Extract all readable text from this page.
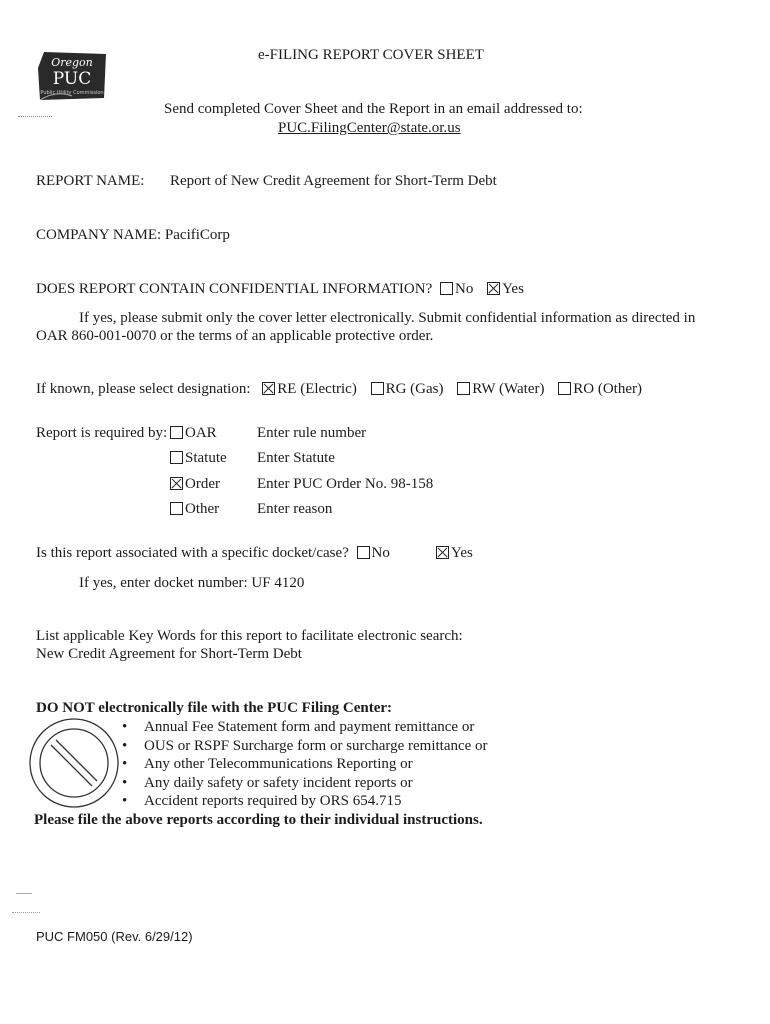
Oregon
PUC
Public Utility Commission
e-FILING REPORT COVER SHEET
Send completed Cover Sheet and the Report in an email addressed to:
PUC.FilingCenter@state.or.us
REPORT NAME: Report of New Credit Agreement for Short-Term Debt
COMPANY NAME: PacifiCorp
DOES REPORT CONTAIN CONFIDENTIAL INFORMATION? No Yes
If yes, please submit only the cover letter electronically. Submit confidential information as directed in
OAR 860-001-0070 or the terms of an applicable protective order.
If known, please select designation: RE (Electric) RG (Gas) RW (Water) RO (Other)
Report is required by:	OAR	Enter rule number
Statute Enter Statute
Order Enter PUC Order No. 98-158
Other	Enter reason
Is this report associated with a specific docket/case? No	Yes
If yes, enter docket number: UF 4120
List applicable Key Words for this report to facilitate electronic search:
New Credit Agreement for Short-Term Debt
DO NOT electronically file with the PUC Filing Center:
• Annual Fee Statement form and payment remittance or
• OUS or RSPF Surcharge form or surcharge remittance or
• Any other Telecommunications Reporting or
• Any daily safety or safety incident reports or
• Accident reports required by ORS 654.715
Please file the above reports according to their individual instructions.
PUC FM050 (Rev. 6/29/12)
